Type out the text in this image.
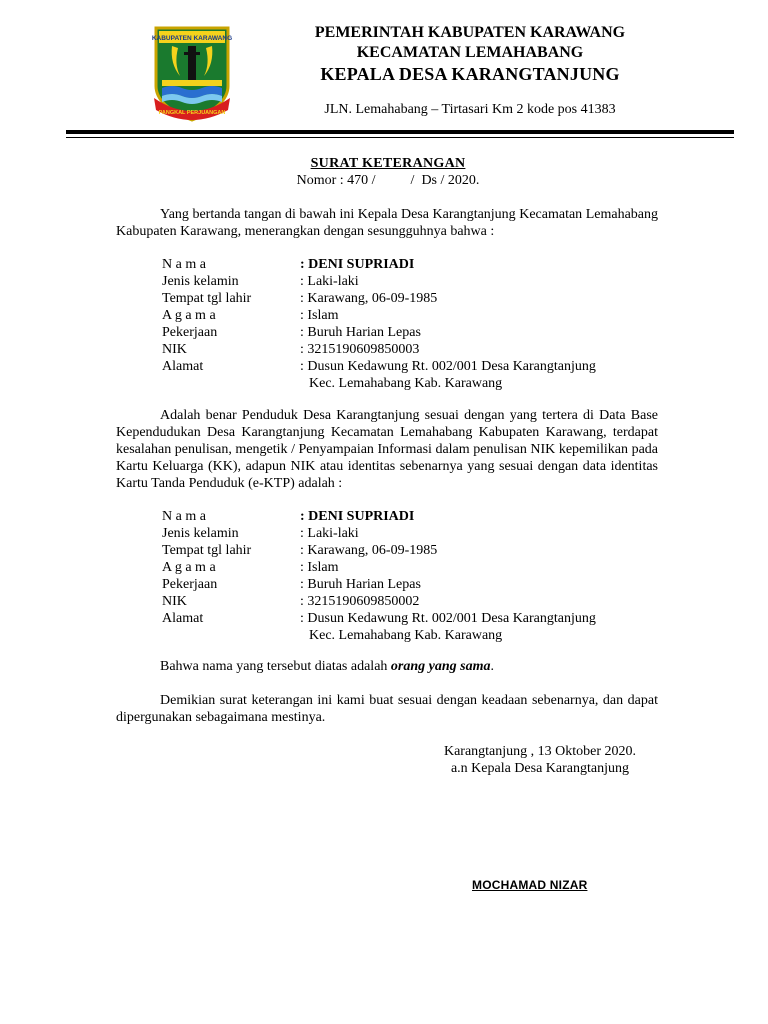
KABUPATEN KARAWANG
PANGKAL PERJUANGAN
PEMERINTAH KABUPATEN KARAWANG
KECAMATAN LEMAHABANG
KEPALA DESA KARANGTANJUNG
JLN. Lemahabang – Tirtasari Km 2 kode pos 41383
SURAT KETERANGAN
Nomor : 470 /          /  Ds / 2020.
Yang bertanda tangan di bawah ini Kepala Desa Karangtanjung Kecamatan Lemahabang Kabupaten Karawang, menerangkan dengan sesungguhnya bahwa :
N a m a	: DENI SUPRIADI
Jenis kelamin	: Laki-laki
Tempat tgl lahir	: Karawang, 06-09-1985
A g a m a	: Islam
Pekerjaan	: Buruh Harian Lepas
NIK	: 3215190609850003
Alamat	: Dusun Kedawung Rt. 002/001 Desa Karangtanjung
Kec. Lemahabang Kab. Karawang
Adalah benar Penduduk Desa Karangtanjung sesuai dengan yang tertera di Data Base Kependudukan Desa Karangtanjung Kecamatan Lemahabang Kabupaten Karawang, terdapat kesalahan penulisan, mengetik / Penyampaian Informasi dalam penulisan NIK kepemilikan pada Kartu Keluarga (KK), adapun NIK atau identitas sebenarnya yang sesuai dengan data identitas Kartu Tanda Penduduk (e-KTP) adalah :
N a m a	: DENI SUPRIADI
Jenis kelamin	: Laki-laki
Tempat tgl lahir	: Karawang, 06-09-1985
A g a m a	: Islam
Pekerjaan	: Buruh Harian Lepas
NIK	: 3215190609850002
Alamat	: Dusun Kedawung Rt. 002/001 Desa Karangtanjung
Kec. Lemahabang Kab. Karawang
Bahwa nama yang tersebut diatas adalah orang yang sama.
Demikian surat keterangan ini kami buat sesuai dengan keadaan sebenarnya, dan dapat dipergunakan sebagaimana mestinya.
Karangtanjung , 13 Oktober 2020.
a.n Kepala Desa Karangtanjung
MOCHAMAD NIZAR
